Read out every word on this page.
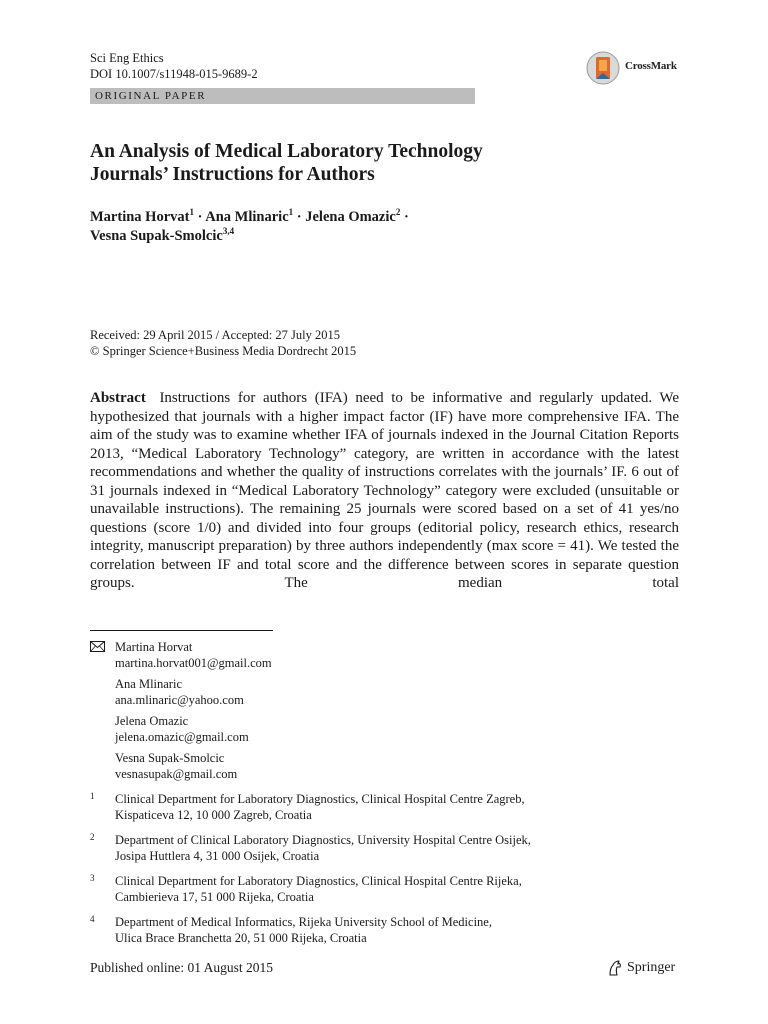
Sci Eng Ethics
DOI 10.1007/s11948-015-9689-2
CrossMark
ORIGINAL PAPER
An Analysis of Medical Laboratory Technology
Journals’ Instructions for Authors
Martina Horvat$^1$ · Ana Mlinaric$^1$ · Jelena Omazic$^2$ ·
Vesna Supak-Smolcic$^{3,4}$
Received: 29 April 2015 / Accepted: 27 July 2015
© Springer Science+Business Media Dordrecht 2015
Abstract Instructions for authors (IFA) need to be informative and regularly updated. We hypothesized that journals with a higher impact factor (IF) have more comprehensive IFA. The aim of the study was to examine whether IFA of journals indexed in the Journal Citation Reports 2013, “Medical Laboratory Technology” category, are written in accordance with the latest recommendations and whether the quality of instructions correlates with the journals’ IF. 6 out of 31 journals indexed in “Medical Laboratory Technology” category were excluded (unsuitable or unavailable instructions). The remaining 25 journals were scored based on a set of 41 yes/no questions (score 1/0) and divided into four groups (editorial policy, research ethics, research integrity, manuscript preparation) by three authors independently (max score = 41). We tested the correlation between IF and total score and the difference between scores in separate question groups. The median total
Martina Horvat
martina.horvat001@gmail.com
Ana Mlinaric
ana.mlinaric@yahoo.com
Jelena Omazic
jelena.omazic@gmail.com
Vesna Supak-Smolcic
vesnasupak@gmail.com
1 Clinical Department for Laboratory Diagnostics, Clinical Hospital Centre Zagreb,
Kispaticeva 12, 10 000 Zagreb, Croatia
2 Department of Clinical Laboratory Diagnostics, University Hospital Centre Osijek,
Josipa Huttlera 4, 31 000 Osijek, Croatia
3 Clinical Department for Laboratory Diagnostics, Clinical Hospital Centre Rijeka,
Cambierieva 17, 51 000 Rijeka, Croatia
4 Department of Medical Informatics, Rijeka University School of Medicine,
Ulica Brace Branchetta 20, 51 000 Rijeka, Croatia
Published online: 01 August 2015	Springer
